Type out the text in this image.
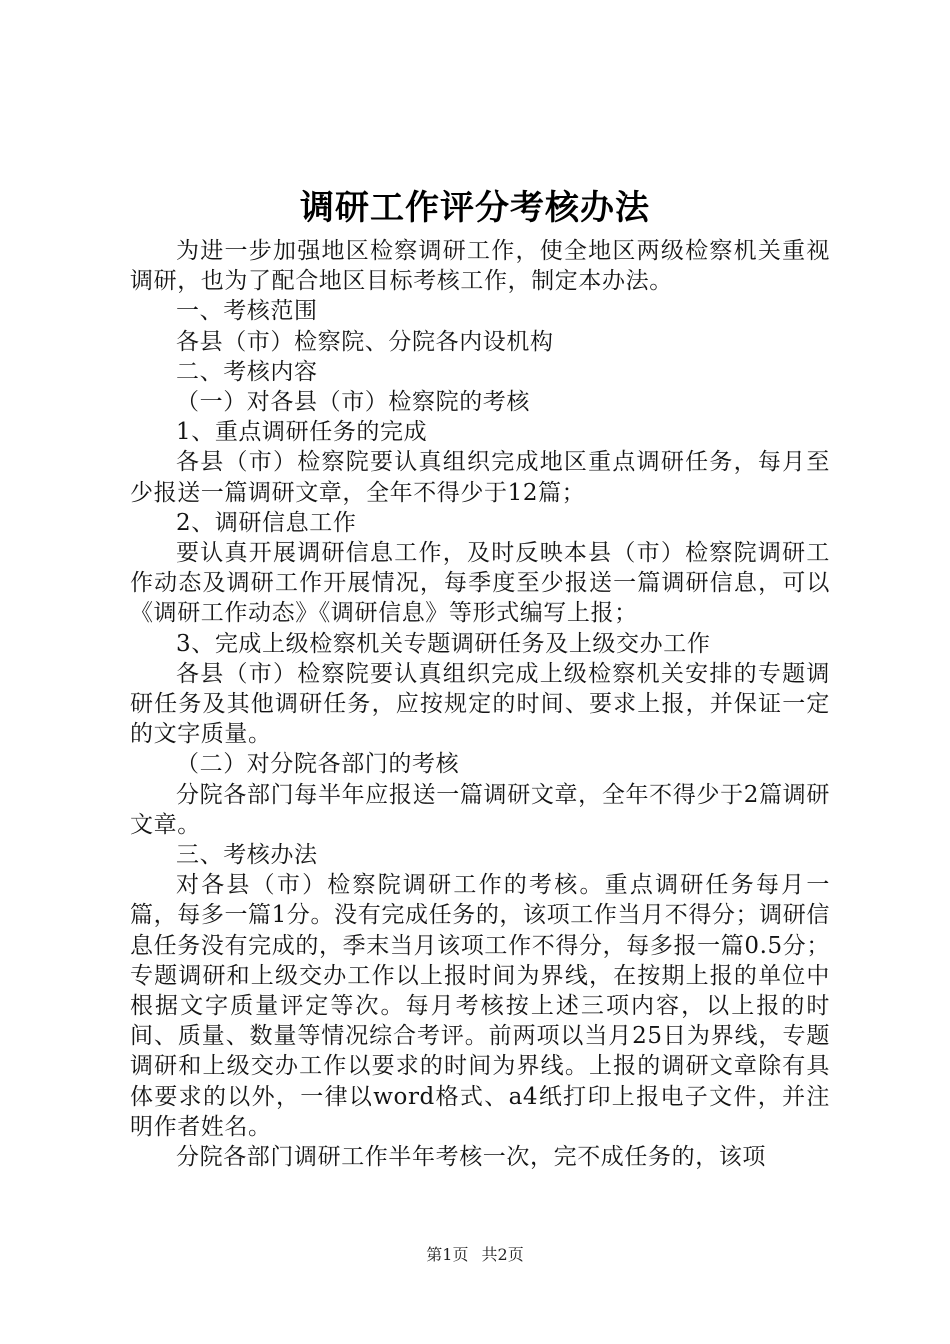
调研工作评分考核办法

为进一步加强地区检察调研工作，使全地区两级检察机关重视调研，也为了配合地区目标考核工作，制定本办法。

一、考核范围

各县（市）检察院、分院各内设机构

二、考核内容

（一）对各县（市）检察院的考核

1、重点调研任务的完成

各县（市）检察院要认真组织完成地区重点调研任务，每月至少报送一篇调研文章，全年不得少于12篇；

2、调研信息工作

要认真开展调研信息工作，及时反映本县（市）检察院调研工作动态及调研工作开展情况，每季度至少报送一篇调研信息，可以《调研工作动态》《调研信息》等形式编写上报；

3、完成上级检察机关专题调研任务及上级交办工作

各县（市）检察院要认真组织完成上级检察机关安排的专题调研任务及其他调研任务，应按规定的时间、要求上报，并保证一定的文字质量。

（二）对分院各部门的考核

分院各部门每半年应报送一篇调研文章，全年不得少于2篇调研文章。

三、考核办法

对各县（市）检察院调研工作的考核。重点调研任务每月一篇，每多一篇1分。没有完成任务的，该项工作当月不得分；调研信息任务没有完成的，季末当月该项工作不得分，每多报一篇0.5分；专题调研和上级交办工作以上报时间为界线，在按期上报的单位中根据文字质量评定等次。每月考核按上述三项内容，以上报的时间、质量、数量等情况综合考评。前两项以当月25日为界线，专题调研和上级交办工作以要求的时间为界线。上报的调研文章除有具体要求的以外，一律以word格式、a4纸打印上报电子文件，并注明作者姓名。

分院各部门调研工作半年考核一次，完不成任务的，该项

第1页 共2页
